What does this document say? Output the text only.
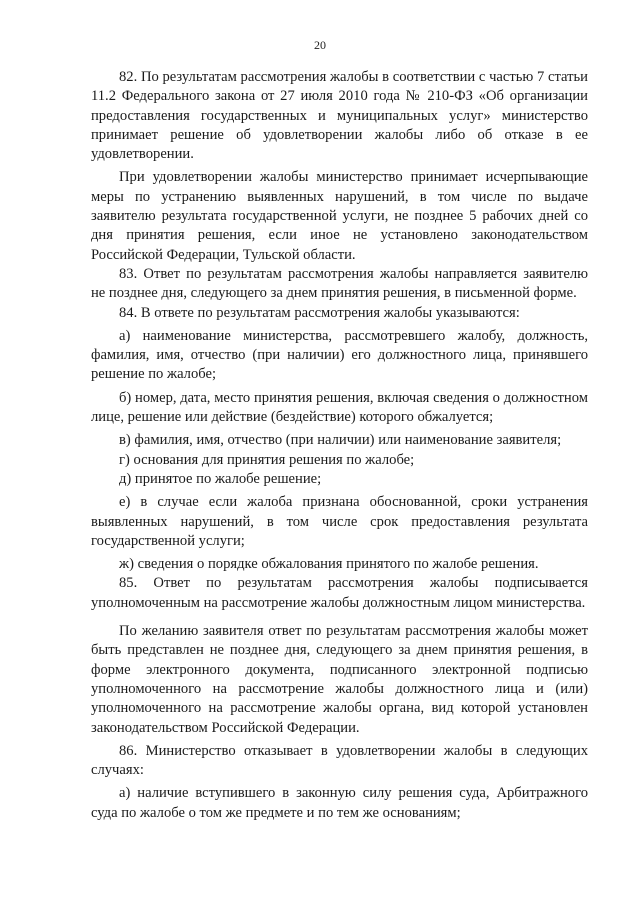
20

82. По результатам рассмотрения жалобы в соответствии с частью 7 статьи 11.2 Федерального закона от 27 июля 2010 года № 210-ФЗ «Об организации предоставления государственных и муниципальных услуг» министерство принимает решение об удовлетворении жалобы либо об отказе в ее удовлетворении.

При удовлетворении жалобы министерство принимает исчерпывающие меры по устранению выявленных нарушений, в том числе по выдаче заявителю результата государственной услуги, не позднее 5 рабочих дней со дня принятия решения, если иное не установлено законодательством Российской Федерации, Тульской области.

83. Ответ по результатам рассмотрения жалобы направляется заявителю не позднее дня, следующего за днем принятия решения, в письменной форме.

84. В ответе по результатам рассмотрения жалобы указываются:

а) наименование министерства, рассмотревшего жалобу, должность, фамилия, имя, отчество (при наличии) его должностного лица, принявшего решение по жалобе;

б) номер, дата, место принятия решения, включая сведения о должностном лице, решение или действие (бездействие) которого обжалуется;

в) фамилия, имя, отчество (при наличии) или наименование заявителя;

г) основания для принятия решения по жалобе;

д) принятое по жалобе решение;

е) в случае если жалоба признана обоснованной, сроки устранения выявленных нарушений, в том числе срок предоставления результата государственной услуги;

ж) сведения о порядке обжалования принятого по жалобе решения.

85. Ответ по результатам рассмотрения жалобы подписывается уполномоченным на рассмотрение жалобы должностным лицом министерства.

По желанию заявителя ответ по результатам рассмотрения жалобы может быть представлен не позднее дня, следующего за днем принятия решения, в форме электронного документа, подписанного электронной подписью уполномоченного на рассмотрение жалобы должностного лица и (или) уполномоченного на рассмотрение жалобы органа, вид которой установлен законодательством Российской Федерации.

86. Министерство отказывает в удовлетворении жалобы в следующих случаях:

а) наличие вступившего в законную силу решения суда, Арбитражного суда по жалобе о том же предмете и по тем же основаниям;
